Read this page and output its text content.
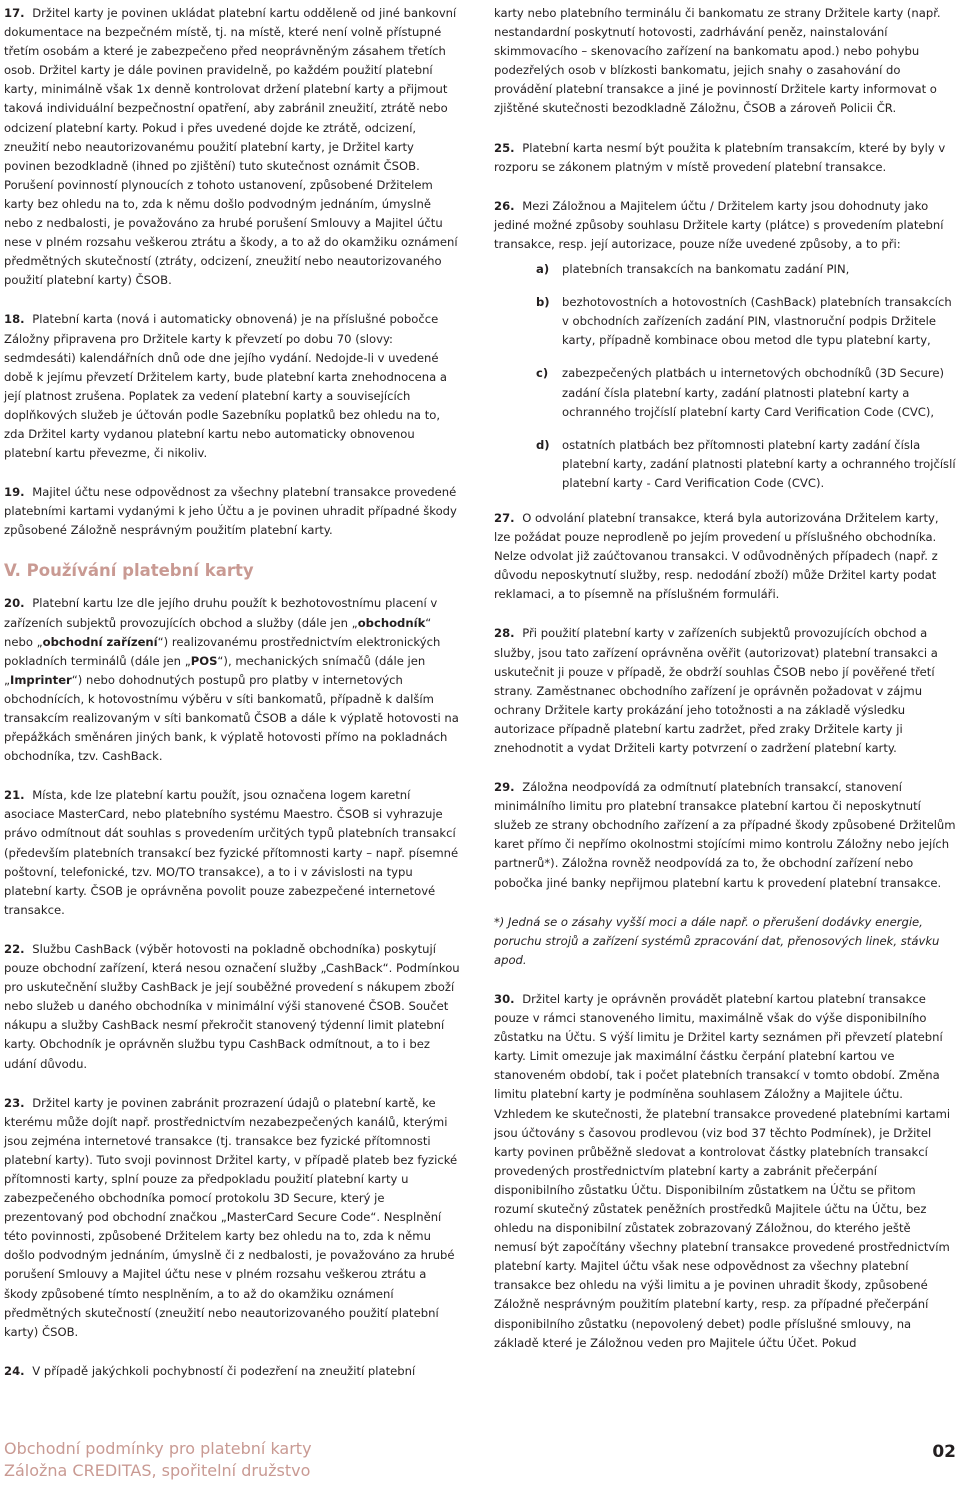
17. Držitel karty je povinen ukládat platební kartu odděleně od jiné bankovní dokumentace na bezpečném místě, tj. na místě, které není volně přístupné třetím osobám a které je zabezpečeno před neoprávněným zásahem třetích osob. Držitel karty je dále povinen pravidelně, po každém použití platební karty, minimálně však 1x denně kontrolovat držení platební karty a přijmout taková individuální bezpečnostní opatření, aby zabránil zneužití, ztrátě nebo odcizení platební karty. Pokud i přes uvedené dojde ke ztrátě, odcizení, zneužití nebo neautorizovanému použití platební karty, je Držitel karty povinen bezodkladně (ihned po zjištění) tuto skutečnost oznámit ČSOB. Porušení povinností plynoucích z tohoto ustanovení, způsobené Držitelem karty bez ohledu na to, zda k němu došlo podvodným jednáním, úmyslně nebo z nedbalosti, je považováno za hrubé porušení Smlouvy a Majitel účtu nese v plném rozsahu veškerou ztrátu a škody, a to až do okamžiku oznámení předmětných skutečností (ztráty, odcizení, zneužití nebo neautorizovaného použití platební karty) ČSOB.

18. Platební karta (nová i automaticky obnovená) je na příslušné pobočce Záložny připravena pro Držitele karty k převzetí po dobu 70 (slovy: sedmdesáti) kalendářních dnů ode dne jejího vydání. Nedojde-li v uvedené době k jejímu převzetí Držitelem karty, bude platební karta znehodnocena a její platnost zrušena. Poplatek za vedení platební karty a souvisejících doplňkových služeb je účtován podle Sazebníku poplatků bez ohledu na to, zda Držitel karty vydanou platební kartu nebo automaticky obnovenou platební kartu převezme, či nikoliv.

19. Majitel účtu nese odpovědnost za všechny platební transakce provedené platebními kartami vydanými k jeho Účtu a je povinen uhradit případné škody způsobené Záložně nesprávným použitím platební karty.

V. Používání platební karty

20. Platební kartu lze dle jejího druhu použít k bezhotovostnímu placení v zařízeních subjektů provozujících obchod a služby (dále jen „obchodník“ nebo „obchodní zařízení“) realizovanému prostřednictvím elektronických pokladních terminálů (dále jen „POS“), mechanických snímačů (dále jen „Imprinter“) nebo dohodnutých postupů pro platby v internetových obchodnících, k hotovostnímu výběru v síti bankomatů, případně k dalším transakcím realizovaným v síti bankomatů ČSOB a dále k výplatě hotovosti na přepážkách směnáren jiných bank, k výplatě hotovosti přímo na pokladnách obchodníka, tzv. CashBack.

21. Místa, kde lze platební kartu použít, jsou označena logem karetní asociace MasterCard, nebo platebního systému Maestro. ČSOB si vyhrazuje právo odmítnout dát souhlas s provedením určitých typů platebních transakcí (především platebních transakcí bez fyzické přítomnosti karty – např. písemné poštovní, telefonické, tzv. MO/TO transakce), a to i v závislosti na typu platební karty. ČSOB je oprávněna povolit pouze zabezpečené internetové transakce.

22. Službu CashBack (výběr hotovosti na pokladně obchodníka) poskytují pouze obchodní zařízení, která nesou označení služby „CashBack“. Podmínkou pro uskutečnění služby CashBack je její souběžné provedení s nákupem zboží nebo služeb u daného obchodníka v minimální výši stanovené ČSOB. Součet nákupu a služby CashBack nesmí překročit stanovený týdenní limit platební karty. Obchodník je oprávněn službu typu CashBack odmítnout, a to i bez udání důvodu.

23. Držitel karty je povinen zabránit prozrazení údajů o platební kartě, ke kterému může dojít např. prostřednictvím nezabezpečených kanálů, kterými jsou zejména internetové transakce (tj. transakce bez fyzické přítomnosti platební karty). Tuto svoji povinnost Držitel karty, v případě plateb bez fyzické přítomnosti karty, splní pouze za předpokladu použití platební karty u zabezpečeného obchodníka pomocí protokolu 3D Secure, který je prezentovaný pod obchodní značkou „MasterCard Secure Code“. Nesplnění této povinnosti, způsobené Držitelem karty bez ohledu na to, zda k němu došlo podvodným jednáním, úmyslně či z nedbalosti, je považováno za hrubé porušení Smlouvy a Majitel účtu nese v plném rozsahu veškerou ztrátu a škody způsobené tímto nesplněním, a to až do okamžiku oznámení předmětných skutečností (zneužití nebo neautorizovaného použití platební karty) ČSOB.

24. V případě jakýchkoli pochybností či podezření na zneužití platební

karty nebo platebního terminálu či bankomatu ze strany Držitele karty (např. nestandardní poskytnutí hotovosti, zadrhávání peněz, nainstalování skimmovacího – skenovacího zařízení na bankomatu apod.) nebo pohybu podezřelých osob v blízkosti bankomatu, jejich snahy o zasahování do provádění platební transakce a jiné je povinností Držitele karty informovat o zjištěné skutečnosti bezodkladně Záložnu, ČSOB a zároveň Policii ČR.

25. Platební karta nesmí být použita k platebním transakcím, které by byly v rozporu se zákonem platným v místě provedení platební transakce.

26. Mezi Záložnou a Majitelem účtu / Držitelem karty jsou dohodnuty jako jediné možné způsoby souhlasu Držitele karty (plátce) s provedením platební transakce, resp. její autorizace, pouze níže uvedené způsoby, a to při:

a) platebních transakcích na bankomatu zadání PIN,
b) bezhotovostních a hotovostních (CashBack) platebních transakcích v obchodních zařízeních zadání PIN, vlastnoruční podpis Držitele karty, případně kombinace obou metod dle typu platební karty,
c) zabezpečených platbách u internetových obchodníků (3D Secure) zadání čísla platební karty, zadání platnosti platební karty a ochranného trojčíslí platební karty Card Verification Code (CVC),
d) ostatních platbách bez přítomnosti platební karty zadání čísla platební karty, zadání platnosti platební karty a ochranného trojčíslí platební karty - Card Verification Code (CVC).

27. O odvolání platební transakce, která byla autorizována Držitelem karty, lze požádat pouze neprodleně po jejím provedení u příslušného obchodníka. Nelze odvolat již zaúčtovanou transakci. V odůvodněných případech (např. z důvodu neposkytnutí služby, resp. nedodání zboží) může Držitel karty podat reklamaci, a to písemně na příslušném formuláři.

28. Při použití platební karty v zařízeních subjektů provozujících obchod a služby, jsou tato zařízení oprávněna ověřit (autorizovat) platební transakci a uskutečnit ji pouze v případě, že obdrží souhlas ČSOB nebo jí pověřené třetí strany. Zaměstnanec obchodního zařízení je oprávněn požadovat v zájmu ochrany Držitele karty prokázání jeho totožnosti a na základě výsledku autorizace případně platební kartu zadržet, před zraky Držitele karty ji znehodnotit a vydat Držiteli karty potvrzení o zadržení platební karty.

29. Záložna neodpovídá za odmítnutí platebních transakcí, stanovení minimálního limitu pro platební transakce platební kartou či neposkytnutí služeb ze strany obchodního zařízení a za případné škody způsobené Držitelům karet přímo či nepřímo okolnostmi stojícími mimo kontrolu Záložny nebo jejích partnerů*). Záložna rovněž neodpovídá za to, že obchodní zařízení nebo pobočka jiné banky nepřijmou platební kartu k provedení platební transakce.

*) Jedná se o zásahy vyšší moci a dále např. o přerušení dodávky energie, poruchu strojů a zařízení systémů zpracování dat, přenosových linek, stávku apod.

30. Držitel karty je oprávněn provádět platební kartou platební transakce pouze v rámci stanoveného limitu, maximálně však do výše disponibilního zůstatku na Účtu. S výší limitu je Držitel karty seznámen při převzetí platební karty. Limit omezuje jak maximální částku čerpání platební kartou ve stanoveném období, tak i počet platebních transakcí v tomto období. Změna limitu platební karty je podmíněna souhlasem Záložny a Majitele účtu. Vzhledem ke skutečnosti, že platební transakce provedené platebními kartami jsou účtovány s časovou prodlevou (viz bod 37 těchto Podmínek), je Držitel karty povinen průběžně sledovat a kontrolovat částky platebních transakcí provedených prostřednictvím platební karty a zabránit přečerpání disponibilního zůstatku Účtu. Disponibilním zůstatkem na Účtu se přitom rozumí skutečný zůstatek peněžních prostředků Majitele účtu na Účtu, bez ohledu na disponibilní zůstatek zobrazovaný Záložnou, do kterého ještě nemusí být započítány všechny platební transakce provedené prostřednictvím platební karty. Majitel účtu však nese odpovědnost za všechny platební transakce bez ohledu na výši limitu a je povinen uhradit škody, způsobené Záložně nesprávným použitím platební karty, resp. za případné přečerpání disponibilního zůstatku (nepovolený debet) podle příslušné smlouvy, na základě které je Záložnou veden pro Majitele účtu Účet. Pokud

Obchodní podmínky pro platební karty
Záložna CREDITAS, spořitelní družstvo
02
